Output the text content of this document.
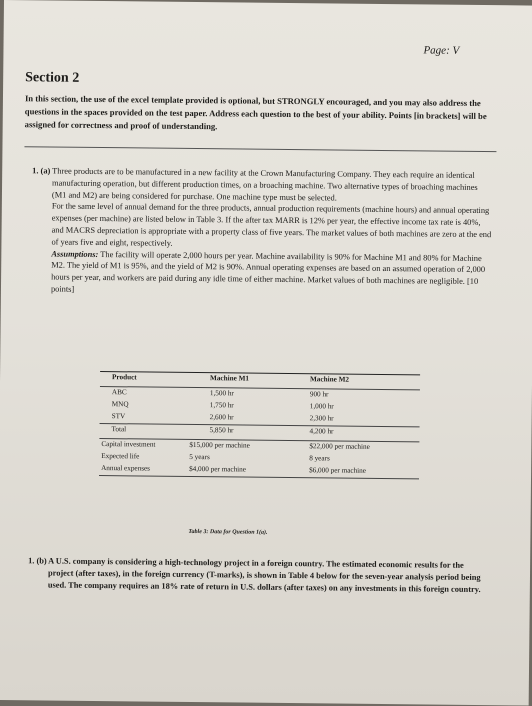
Page: V
Section 2
In this section, the use of the excel template provided is optional, but STRONGLY encouraged, and you may also address the questions in the spaces provided on the test paper. Address each question to the best of your ability. Points [in brackets] will be assigned for correctness and proof of understanding.
1. (a) Three products are to be manufactured in a new facility at the Crown Manufacturing Company. They each require an identical manufacturing operation, but different production times, on a broaching machine. Two alternative types of broaching machines (M1 and M2) are being considered for purchase. One machine type must be selected.

For the same level of annual demand for the three products, annual production requirements (machine hours) and annual operating expenses (per machine) are listed below in Table 3. If the after tax MARR is 12% per year, the effective income tax rate is 40%, and MACRS depreciation is appropriate with a property class of five years. The market values of both machines are zero at the end of years five and eight, respectively.

Assumptions: The facility will operate 2,000 hours per year. Machine availability is 90% for Machine M1 and 80% for Machine M2. The yield of M1 is 95%, and the yield of M2 is 90%. Annual operating expenses are based on an assumed operation of 2,000 hours per year, and workers are paid during any idle time of either machine. Market values of both machines are negligible. [10 points]

Product	Machine M1	Machine M2
ABC	1,500 hr	900 hr
MNQ	1,750 hr	1,000 hr
STV	2,600 hr	2,300 hr
Total	5,850 hr	4,200 hr
Capital investment	$15,000 per machine	$22,000 per machine
Expected life	5 years	8 years
Annual expenses	$4,000 per machine	$6,000 per machine
Table 3: Data for Question 1(a).
1. (b) A U.S. company is considering a high-technology project in a foreign country. The estimated economic results for the project (after taxes), in the foreign currency (T-marks), is shown in Table 4 below for the seven-year analysis period being used. The company requires an 18% rate of return in U.S. dollars (after taxes) on any investments in this foreign country.
